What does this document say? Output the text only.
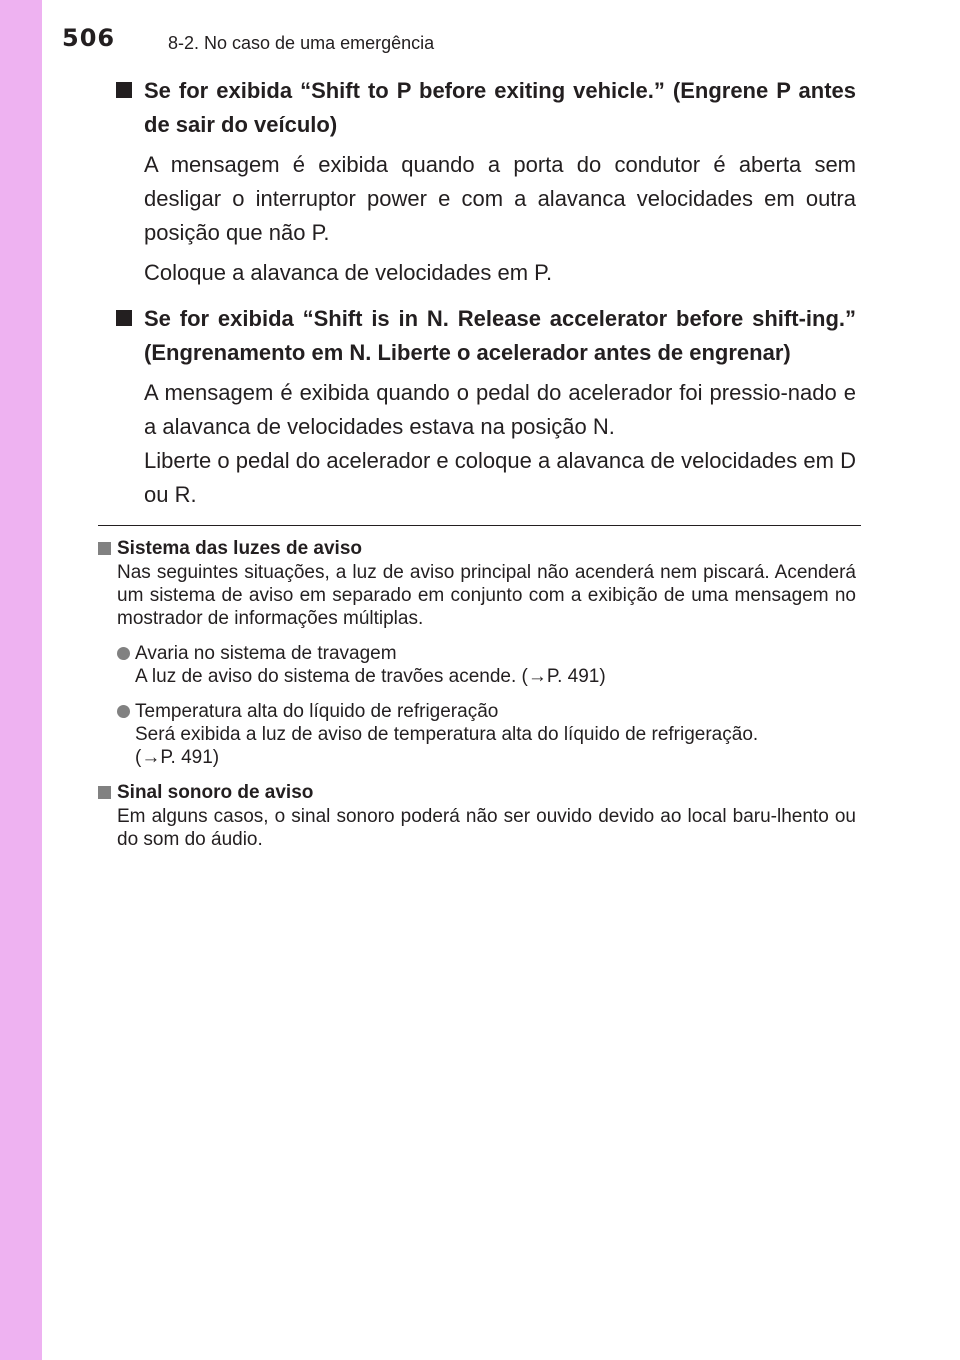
506	8-2. No caso de uma emergência
Se for exibida “Shift to P before exiting vehicle.” (Engrene P antes de sair do veículo)
A mensagem é exibida quando a porta do condutor é aberta sem desligar o interruptor power e com a alavanca velocidades em outra posição que não P.
Coloque a alavanca de velocidades em P.
Se for exibida “Shift is in N. Release accelerator before shift-ing.” (Engrenamento em N. Liberte o acelerador antes de engrenar)
A mensagem é exibida quando o pedal do acelerador foi pressio-nado e a alavanca de velocidades estava na posição N.
Liberte o pedal do acelerador e coloque a alavanca de velocidades em D ou R.
Sistema das luzes de aviso
Nas seguintes situações, a luz de aviso principal não acenderá nem piscará. Acenderá um sistema de aviso em separado em conjunto com a exibição de uma mensagem no mostrador de informações múltiplas.
Avaria no sistema de travagem
A luz de aviso do sistema de travões acende. (→P. 491)
Temperatura alta do líquido de refrigeração
Será exibida a luz de aviso de temperatura alta do líquido de refrigeração.
(→P. 491)
Sinal sonoro de aviso
Em alguns casos, o sinal sonoro poderá não ser ouvido devido ao local baru-lhento ou do som do áudio.
